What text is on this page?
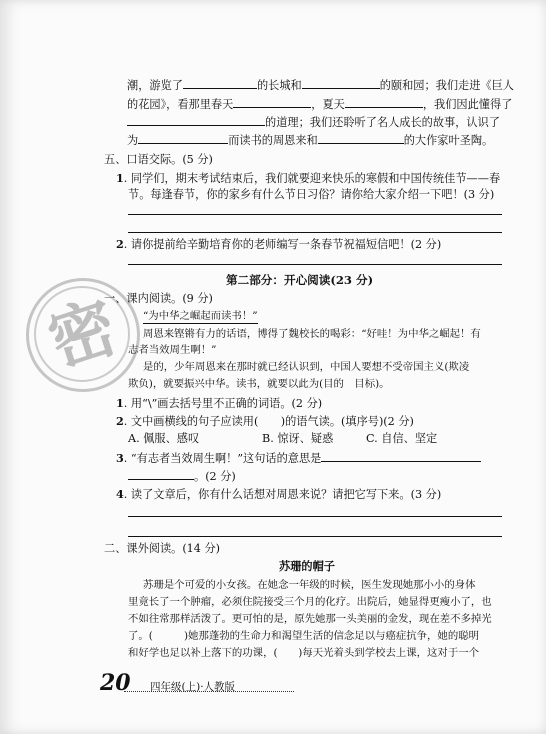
密
潮，游览了	的长城和	的颐和园；我们走进《巨人
的花园》，看那里春天	，夏天	，我们因此懂得了
的道理；我们还聆听了名人成长的故事，认识了
为	而读书的周恩来和	的大作家叶圣陶。
五、口语交际。(5 分)
1. 同学们，期末考试结束后，我们就要迎来快乐的寒假和中国传统佳节——春
节。每逢春节，你的家乡有什么节日习俗？请你给大家介绍一下吧！(3 分)
2. 请你提前给辛勤培育你的老师编写一条春节祝福短信吧！(2 分)
第二部分：开心阅读(23 分)
一、课内阅读。(9 分)
“为中华之崛起而读书！”
周恩来铿锵有力的话语，博得了魏校长的喝彩：“好哇！为中华之崛起！有
志者当效周生啊！”
是的，少年周恩来在那时就已经认识到，中国人要想不受帝国主义(欺凌
欺负)，就要振兴中华。读书，就要以此为(目的　目标)。
1. 用“\”画去括号里不正确的词语。(2 分)
2. 文中画横线的句子应读用(　　)的语气读。(填序号)(2 分)
A. 佩服、感叹	B. 惊讶、疑惑	C. 自信、坚定
3. “有志者当效周生啊！”这句话的意思是
。(2 分)
4. 读了文章后，你有什么话想对周恩来说？请把它写下来。(3 分)
二、课外阅读。(14 分)
苏珊的帽子
苏珊是个可爱的小女孩。在她念一年级的时候，医生发现她那小小的身体
里竟长了一个肿瘤，必须住院接受三个月的化疗。出院后，她显得更瘦小了，也
不如往常那样活泼了。更可怕的是，原先她那一头美丽的金发，现在差不多掉光
了。(　　　)她那蓬勃的生命力和渴望生活的信念足以与癌症抗争，她的聪明
和好学也足以补上落下的功课，(　　)每天光着头到学校去上课，这对于一个
20 四年级(上)·人教版
